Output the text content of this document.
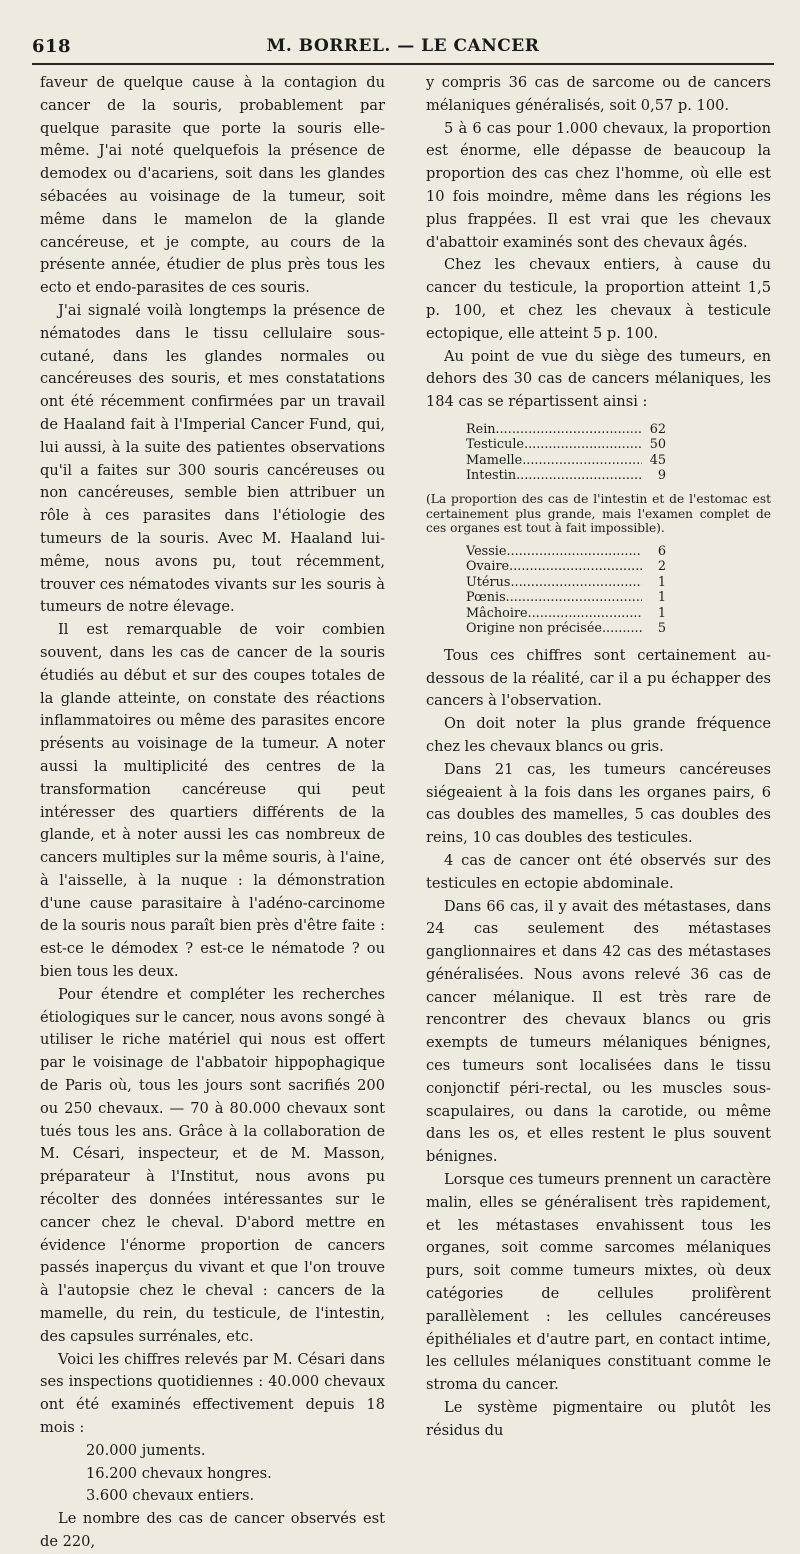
618	M. BORREL. — LE CANCER

faveur de quelque cause à la contagion du cancer de la souris, probablement par quelque parasite que porte la souris elle-même. J'ai noté quelquefois la présence de demodex ou d'acariens, soit dans les glandes sébacées au voisinage de la tumeur, soit même dans le mamelon de la glande cancéreuse, et je compte, au cours de la présente année, étudier de plus près tous les ecto et endo-parasites de ces souris.

J'ai signalé voilà longtemps la présence de nématodes dans le tissu cellulaire sous-cutané, dans les glandes normales ou cancéreuses des souris, et mes constatations ont été récemment confirmées par un travail de Haaland fait à l'Imperial Cancer Fund, qui, lui aussi, à la suite des patientes observations qu'il a faites sur 300 souris cancéreuses ou non cancéreuses, semble bien attribuer un rôle à ces parasites dans l'étiologie des tumeurs de la souris. Avec M. Haaland lui-même, nous avons pu, tout récemment, trouver ces nématodes vivants sur les souris à tumeurs de notre élevage.

Il est remarquable de voir combien souvent, dans les cas de cancer de la souris étudiés au début et sur des coupes totales de la glande atteinte, on constate des réactions inflammatoires ou même des parasites encore présents au voisinage de la tumeur. A noter aussi la multiplicité des centres de la transformation cancéreuse qui peut intéresser des quartiers différents de la glande, et à noter aussi les cas nombreux de cancers multiples sur la même souris, à l'aine, à l'aisselle, à la nuque : la démonstration d'une cause parasitaire à l'adéno-carcinome de la souris nous paraît bien près d'être faite : est-ce le démodex ? est-ce le nématode ? ou bien tous les deux.

Pour étendre et compléter les recherches étiologiques sur le cancer, nous avons songé à utiliser le riche matériel qui nous est offert par le voisinage de l'abbatoir hippophagique de Paris où, tous les jours sont sacrifiés 200 ou 250 chevaux. — 70 à 80.000 chevaux sont tués tous les ans. Grâce à la collaboration de M. Césari, inspecteur, et de M. Masson, préparateur à l'Institut, nous avons pu récolter des données intéressantes sur le cancer chez le cheval. D'abord mettre en évidence l'énorme proportion de cancers passés inaperçus du vivant et que l'on trouve à l'autopsie chez le cheval : cancers de la mamelle, du rein, du testicule, de l'intestin, des capsules surrénales, etc.

Voici les chiffres relevés par M. Césari dans ses inspections quotidiennes : 40.000 chevaux ont été examinés effectivement depuis 18 mois :

20.000 juments.
16.200 chevaux hongres.
3.600 chevaux entiers.

Le nombre des cas de cancer observés est de 220,

y compris 36 cas de sarcome ou de cancers mélaniques généralisés, soit 0,57 p. 100.

5 à 6 cas pour 1.000 chevaux, la proportion est énorme, elle dépasse de beaucoup la proportion des cas chez l'homme, où elle est 10 fois moindre, même dans les régions les plus frappées. Il est vrai que les chevaux d'abattoir examinés sont des chevaux âgés.

Chez les chevaux entiers, à cause du cancer du testicule, la proportion atteint 1,5 p. 100, et chez les chevaux à testicule ectopique, elle atteint 5 p. 100.

Au point de vue du siège des tumeurs, en dehors des 30 cas de cancers mélaniques, les 184 cas se répartissent ainsi :

Rein .....	62
Testicule .....	50
Mamelle .....	45
Intestin .....	9
(La proportion des cas de l'intestin et de l'estomac est certainement plus grande, mais l'examen complet de ces organes est tout à fait impossible).
Vessie .....	6
Ovaire .....	2
Utérus .....	1
Pœnis .....	1
Mâchoire .....	1
Origine non précisée .....	5

Tous ces chiffres sont certainement au-dessous de la réalité, car il a pu échapper des cancers à l'observation.

On doit noter la plus grande fréquence chez les chevaux blancs ou gris.

Dans 21 cas, les tumeurs cancéreuses siégeaient à la fois dans les organes pairs, 6 cas doubles des mamelles, 5 cas doubles des reins, 10 cas doubles des testicules.

4 cas de cancer ont été observés sur des testicules en ectopie abdominale.

Dans 66 cas, il y avait des métastases, dans 24 cas seulement des métastases ganglionnaires et dans 42 cas des métastases généralisées. Nous avons relevé 36 cas de cancer mélanique. Il est très rare de rencontrer des chevaux blancs ou gris exempts de tumeurs mélaniques bénignes, ces tumeurs sont localisées dans le tissu conjonctif péri-rectal, ou les muscles sous-scapulaires, ou dans la carotide, ou même dans les os, et elles restent le plus souvent bénignes.

Lorsque ces tumeurs prennent un caractère malin, elles se généralisent très rapidement, et les métastases envahissent tous les organes, soit comme sarcomes mélaniques purs, soit comme tumeurs mixtes, où deux catégories de cellules prolifèrent parallèlement : les cellules cancéreuses épithéliales et d'autre part, en contact intime, les cellules mélaniques constituant comme le stroma du cancer.

Le système pigmentaire ou plutôt les résidus du
